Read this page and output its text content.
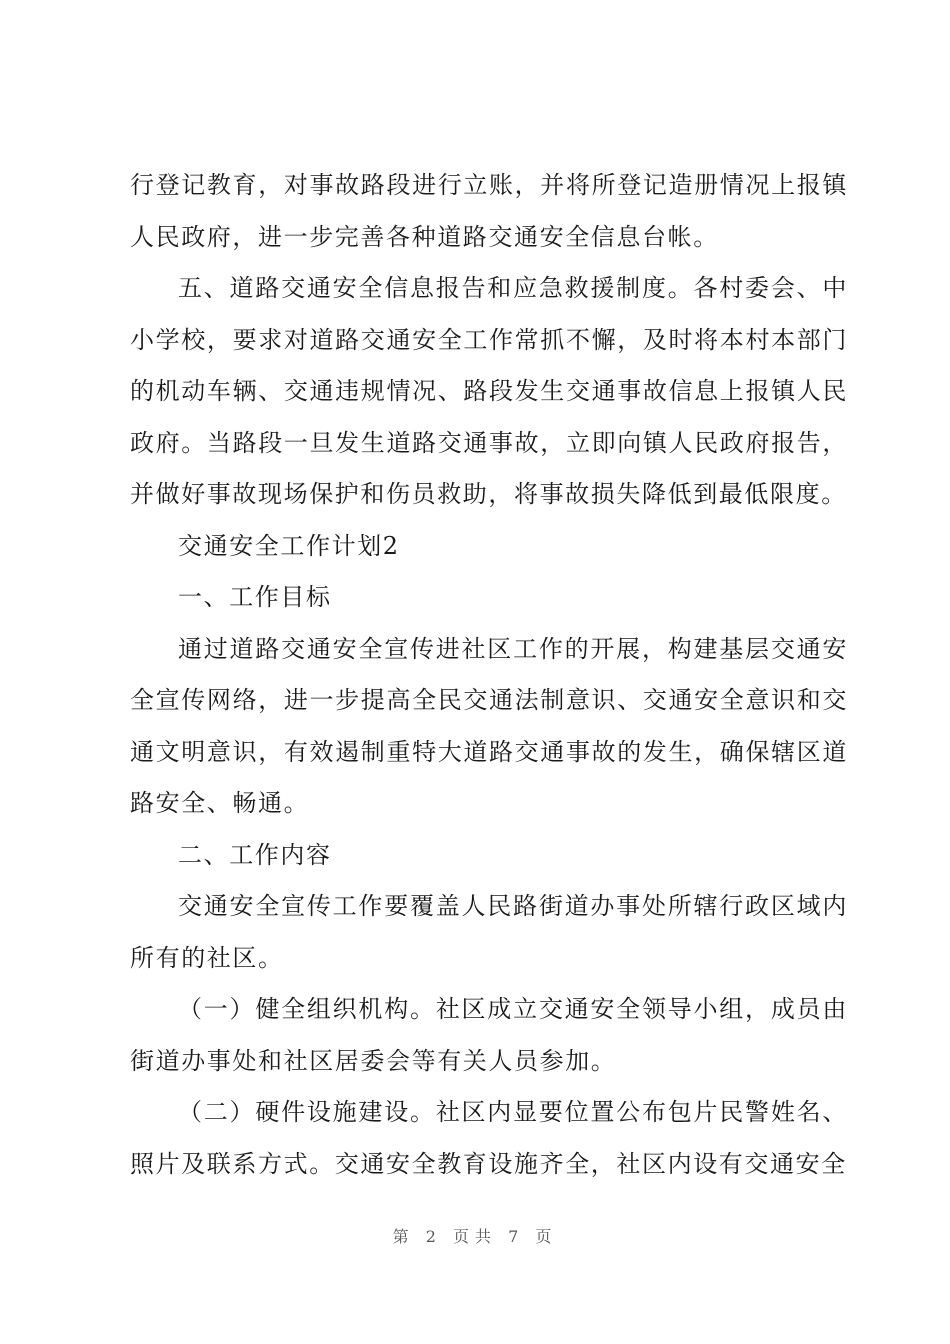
行登记教育，对事故路段进行立账，并将所登记造册情况上报镇人民政府，进一步完善各种道路交通安全信息台帐。

五、道路交通安全信息报告和应急救援制度。各村委会、中小学校，要求对道路交通安全工作常抓不懈，及时将本村本部门的机动车辆、交通违规情况、路段发生交通事故信息上报镇人民政府。当路段一旦发生道路交通事故，立即向镇人民政府报告，并做好事故现场保护和伤员救助，将事故损失降低到最低限度。

交通安全工作计划2

一、工作目标

通过道路交通安全宣传进社区工作的开展，构建基层交通安全宣传网络，进一步提高全民交通法制意识、交通安全意识和交通文明意识，有效遏制重特大道路交通事故的发生，确保辖区道路安全、畅通。

二、工作内容

交通安全宣传工作要覆盖人民路街道办事处所辖行政区域内所有的社区。

（一）健全组织机构。社区成立交通安全领导小组，成员由街道办事处和社区居委会等有关人员参加。

（二）硬件设施建设。社区内显要位置公布包片民警姓名、照片及联系方式。交通安全教育设施齐全，社区内设有交通安全

第 2 页共 7 页
